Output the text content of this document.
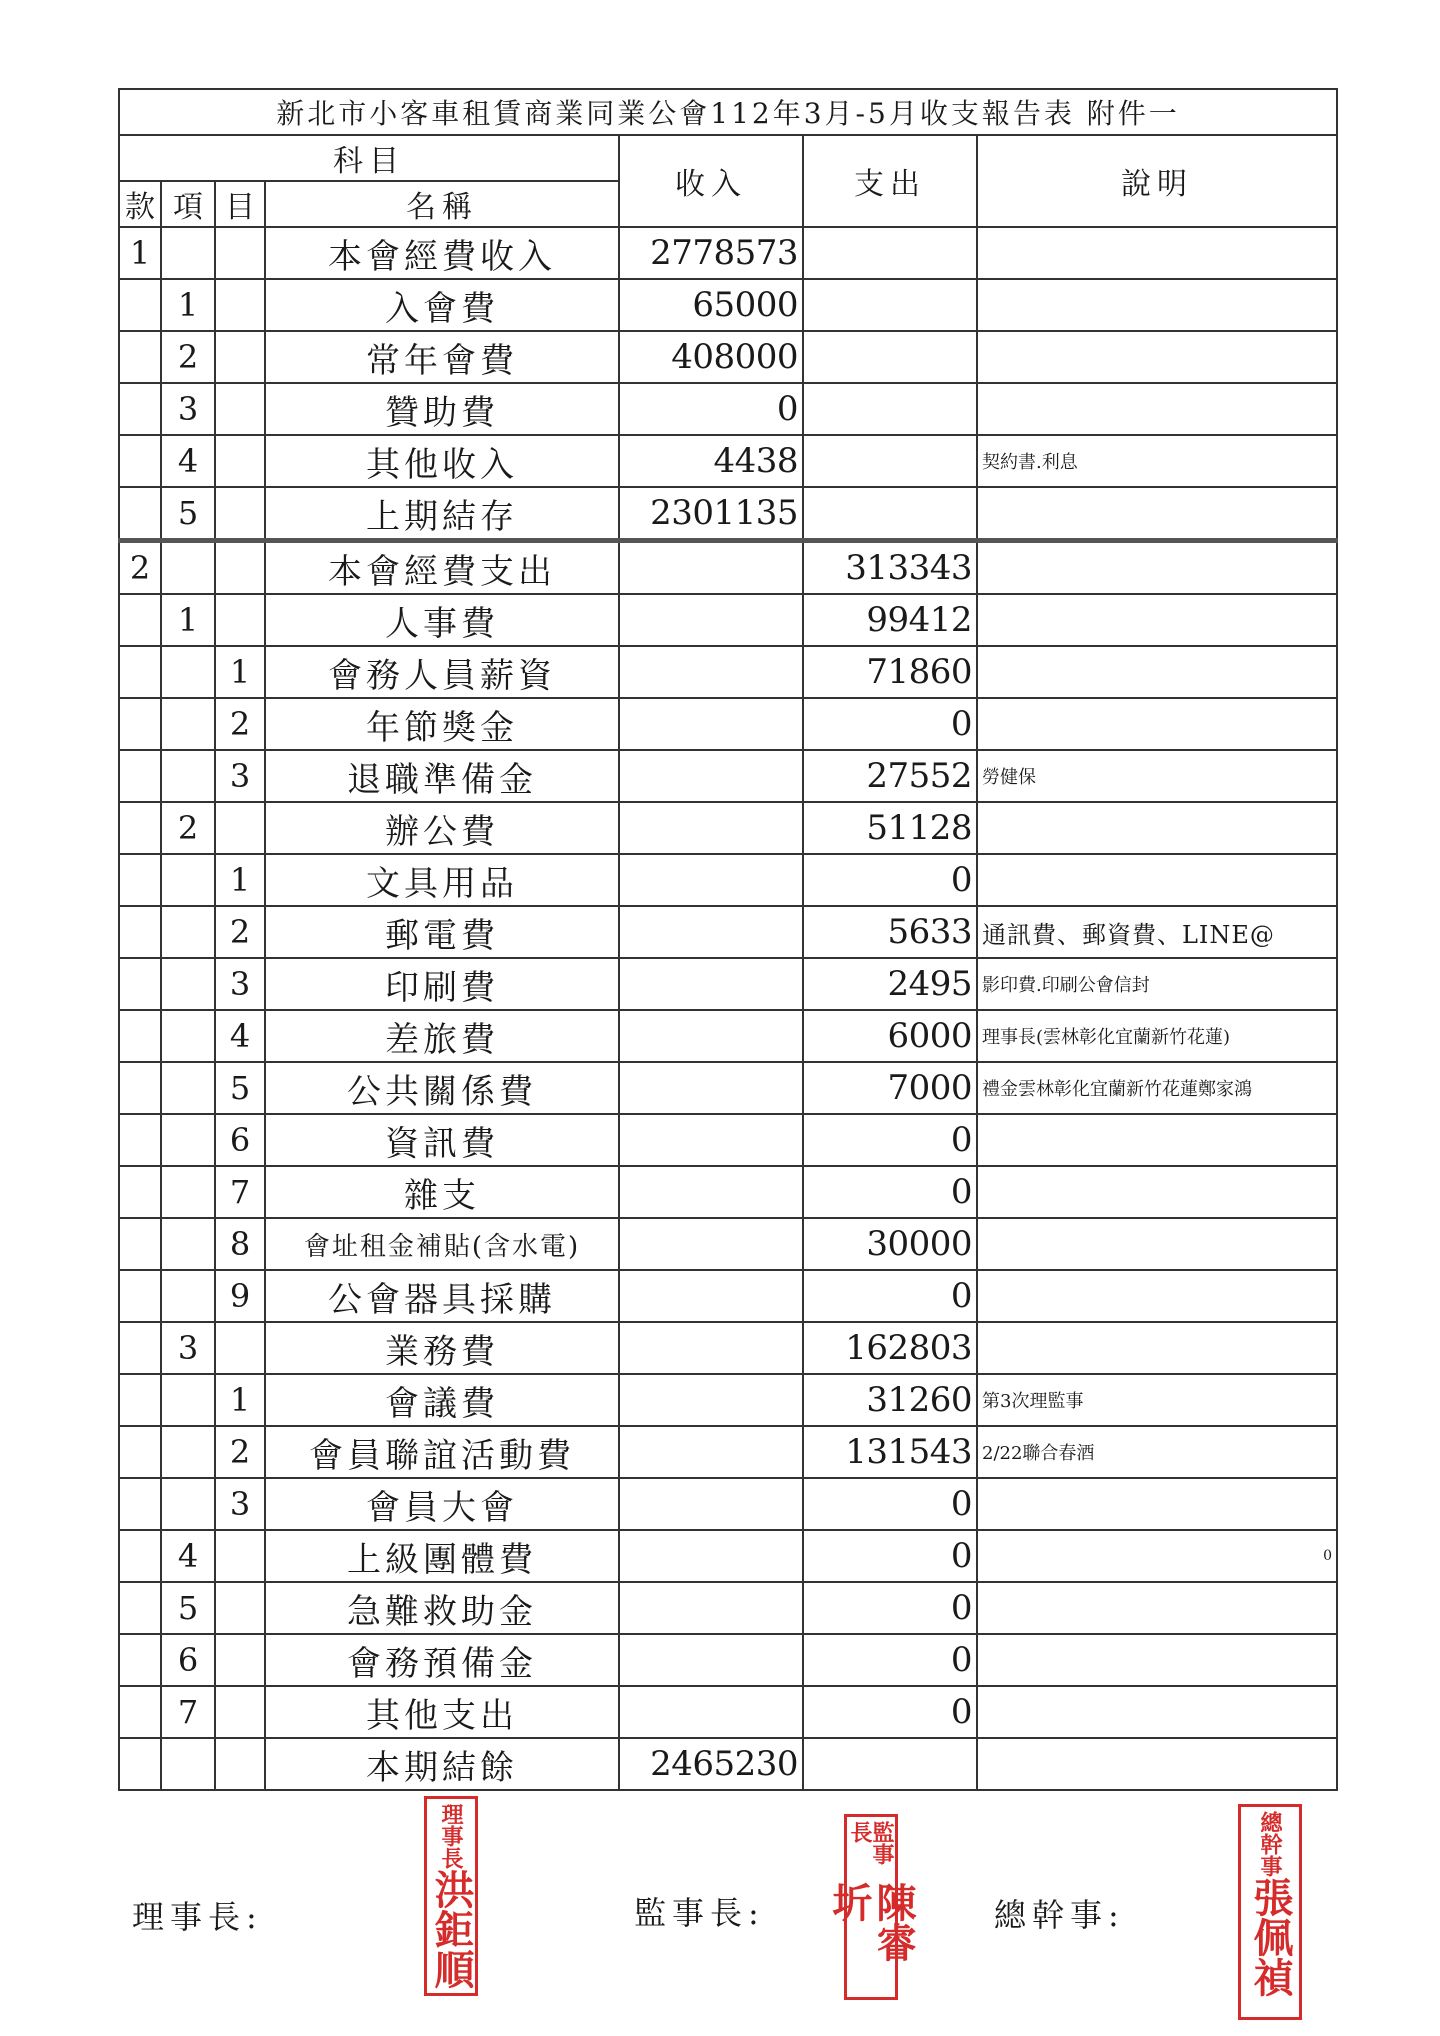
新北市小客車租賃商業同業公會112年3月-5月收支報告表 附件一						
科目				收入	支出	說明
款	項	目	名稱			
1			本會經費收入	2778573		
	1		入會費	65000		
	2		常年會費	408000		
	3		贊助費	0		
	4		其他收入	4438		契約書.利息
	5		上期結存	2301135		
2			本會經費支出		313343	
	1		人事費		99412	
		1	會務人員薪資		71860	
		2	年節獎金		0	
		3	退職準備金		27552	勞健保
	2		辦公費		51128	
		1	文具用品		0	
		2	郵電費		5633	通訊費、郵資費、LINE@
		3	印刷費		2495	影印費.印刷公會信封
		4	差旅費		6000	理事長(雲林彰化宜蘭新竹花蓮)
		5	公共關係費		7000	禮金雲林彰化宜蘭新竹花蓮鄭家鴻
		6	資訊費		0	
		7	雜支		0	
		8	會址租金補貼(含水電)		30000	
		9	公會器具採購		0	
	3		業務費		162803	
		1	會議費		31260	第3次理監事
		2	會員聯誼活動費		131543	2/22聯合春酒
		3	會員大會		0	
	4		上級團體費		0	0

	5		急難救助金		0	
	6		會務預備金		0	
	7		其他支出		0	
			本期結餘	2465230		
理事長:	監事長:	總幹事:
理事長
洪鉅順
監事長
陳睿圻
總幹事
張佩禎
